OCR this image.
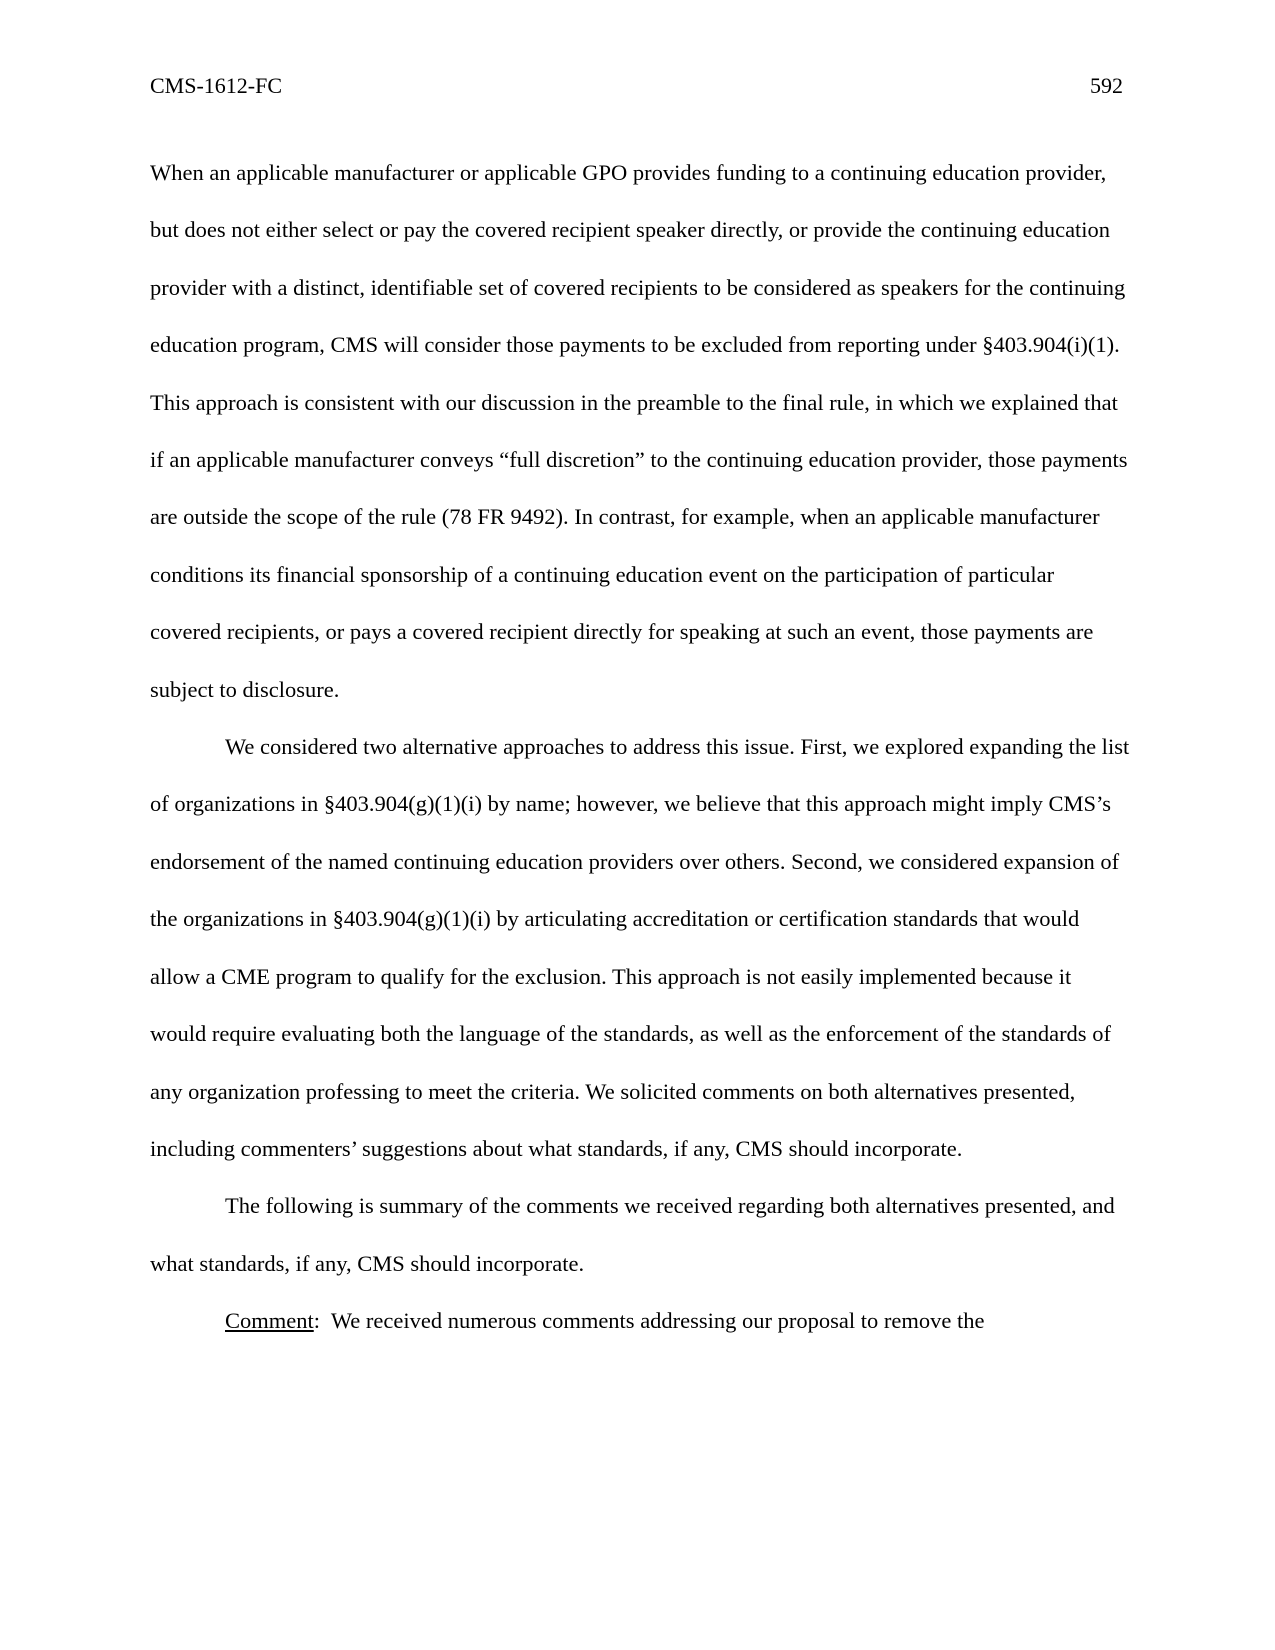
CMS-1612-FC	592

When an applicable manufacturer or applicable GPO provides funding to a continuing education provider, but does not either select or pay the covered recipient speaker directly, or provide the continuing education provider with a distinct, identifiable set of covered recipients to be considered as speakers for the continuing education program, CMS will consider those payments to be excluded from reporting under §403.904(i)(1). This approach is consistent with our discussion in the preamble to the final rule, in which we explained that if an applicable manufacturer conveys “full discretion” to the continuing education provider, those payments are outside the scope of the rule (78 FR 9492). In contrast, for example, when an applicable manufacturer conditions its financial sponsorship of a continuing education event on the participation of particular covered recipients, or pays a covered recipient directly for speaking at such an event, those payments are subject to disclosure.

We considered two alternative approaches to address this issue. First, we explored expanding the list of organizations in §403.904(g)(1)(i) by name; however, we believe that this approach might imply CMS’s endorsement of the named continuing education providers over others. Second, we considered expansion of the organizations in §403.904(g)(1)(i) by articulating accreditation or certification standards that would allow a CME program to qualify for the exclusion. This approach is not easily implemented because it would require evaluating both the language of the standards, as well as the enforcement of the standards of any organization professing to meet the criteria. We solicited comments on both alternatives presented, including commenters’ suggestions about what standards, if any, CMS should incorporate.

The following is summary of the comments we received regarding both alternatives presented, and what standards, if any, CMS should incorporate.

Comment:  We received numerous comments addressing our proposal to remove the
